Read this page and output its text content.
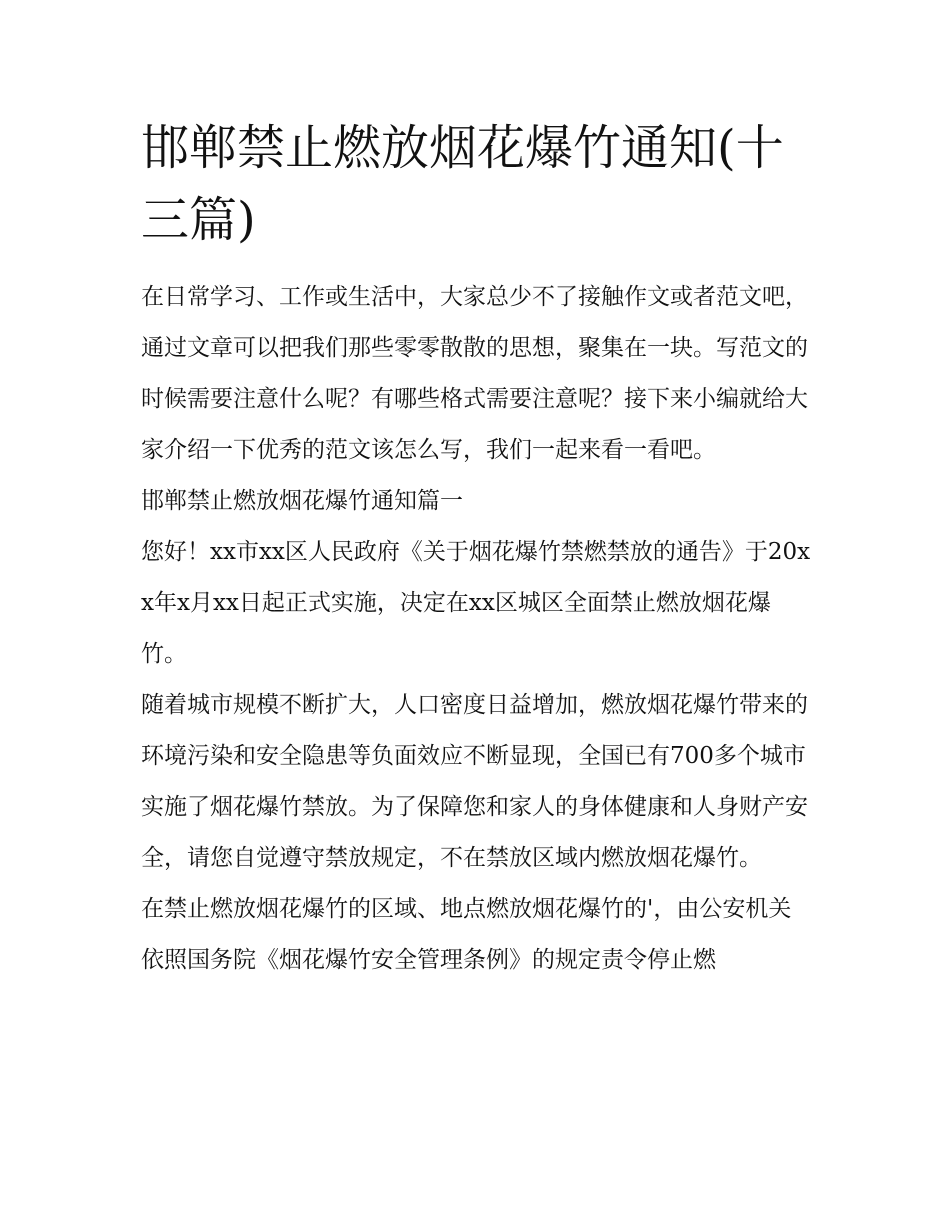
邯郸禁止燃放烟花爆竹通知(十三篇)

在日常学习、工作或生活中，大家总少不了接触作文或者范文吧，通过文章可以把我们那些零零散散的思想，聚集在一块。写范文的时候需要注意什么呢？有哪些格式需要注意呢？接下来小编就给大家介绍一下优秀的范文该怎么写，我们一起来看一看吧。

邯郸禁止燃放烟花爆竹通知篇一

您好！xx市xx区人民政府《关于烟花爆竹禁燃禁放的通告》于20xx年x月xx日起正式实施，决定在xx区城区全面禁止燃放烟花爆竹。

随着城市规模不断扩大，人口密度日益增加，燃放烟花爆竹带来的环境污染和安全隐患等负面效应不断显现，全国已有700多个城市实施了烟花爆竹禁放。为了保障您和家人的身体健康和人身财产安全，请您自觉遵守禁放规定，不在禁放区域内燃放烟花爆竹。

在禁止燃放烟花爆竹的区域、地点燃放烟花爆竹的'，由公安机关依照国务院《烟花爆竹安全管理条例》的规定责令停止燃
